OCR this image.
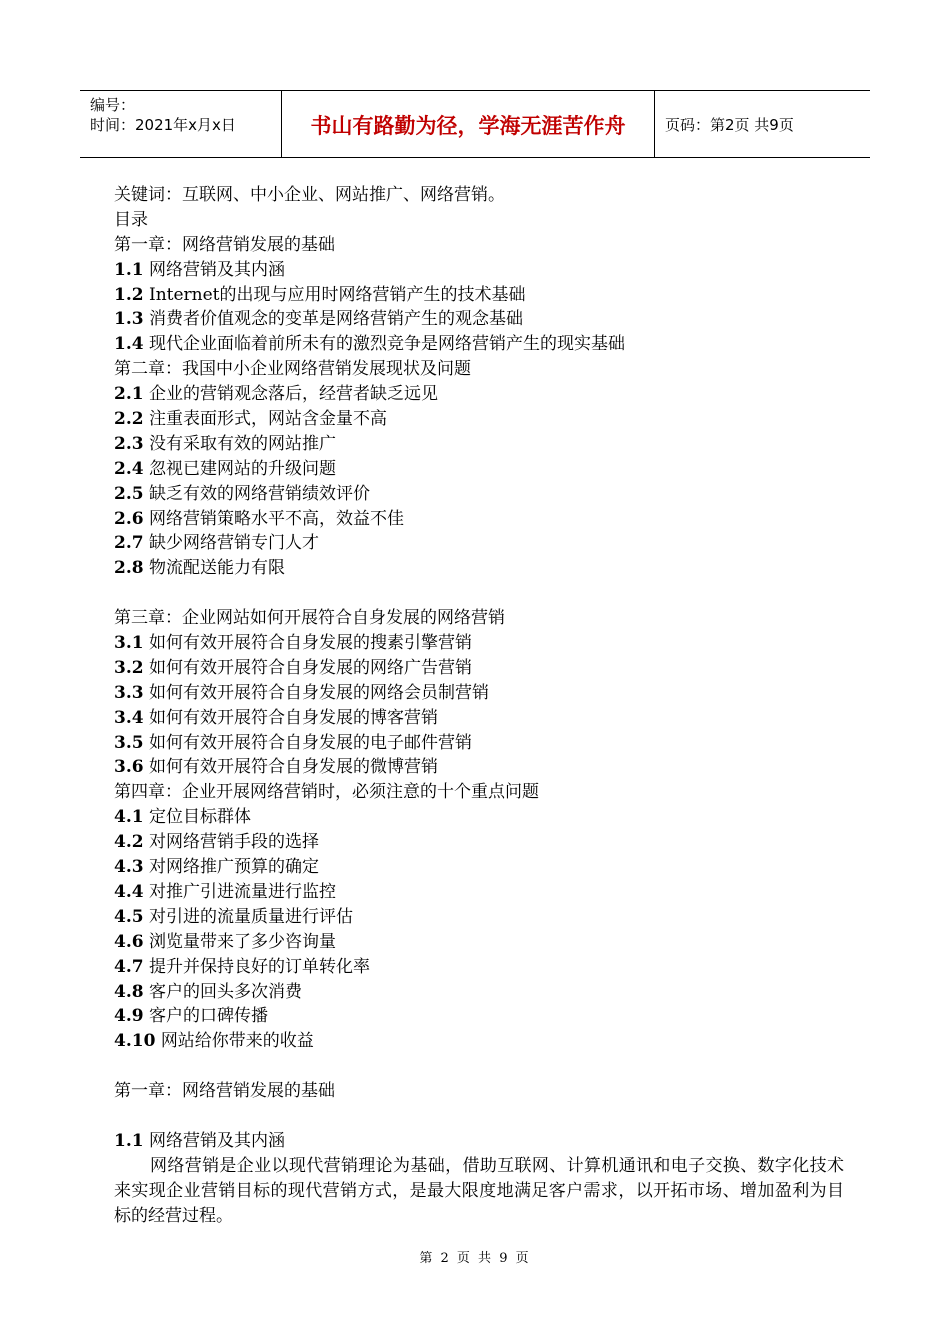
编号：
时间：2021年x月x日	书山有路勤为径，学海无涯苦作舟	页码：第2页 共9页
关键词：互联网、中小企业、网站推广、网络营销。
目录
第一章：网络营销发展的基础
1.1 网络营销及其内涵
1.2 Internet的出现与应用时网络营销产生的技术基础
1.3 消费者价值观念的变革是网络营销产生的观念基础
1.4 现代企业面临着前所未有的激烈竞争是网络营销产生的现实基础
第二章：我国中小企业网络营销发展现状及问题
2.1 企业的营销观念落后，经营者缺乏远见
2.2 注重表面形式，网站含金量不高
2.3 没有采取有效的网站推广
2.4 忽视已建网站的升级问题
2.5 缺乏有效的网络营销绩效评价
2.6 网络营销策略水平不高，效益不佳
2.7 缺少网络营销专门人才
2.8 物流配送能力有限
第三章：企业网站如何开展符合自身发展的网络营销
3.1 如何有效开展符合自身发展的搜素引擎营销
3.2 如何有效开展符合自身发展的网络广告营销
3.3 如何有效开展符合自身发展的网络会员制营销
3.4 如何有效开展符合自身发展的博客营销
3.5 如何有效开展符合自身发展的电子邮件营销
3.6 如何有效开展符合自身发展的微博营销
第四章：企业开展网络营销时，必须注意的十个重点问题
4.1 定位目标群体
4.2 对网络营销手段的选择
4.3 对网络推广预算的确定
4.4 对推广引进流量进行监控
4.5 对引进的流量质量进行评估
4.6 浏览量带来了多少咨询量
4.7 提升并保持良好的订单转化率
4.8 客户的回头多次消费
4.9 客户的口碑传播
4.10 网站给你带来的收益
第一章：网络营销发展的基础
1.1 网络营销及其内涵

网络营销是企业以现代营销理论为基础，借助互联网、计算机通讯和电子交换、数字化技术来实现企业营销目标的现代营销方式，是最大限度地满足客户需求，以开拓市场、增加盈利为目标的经营过程。

第 2 页 共 9 页
